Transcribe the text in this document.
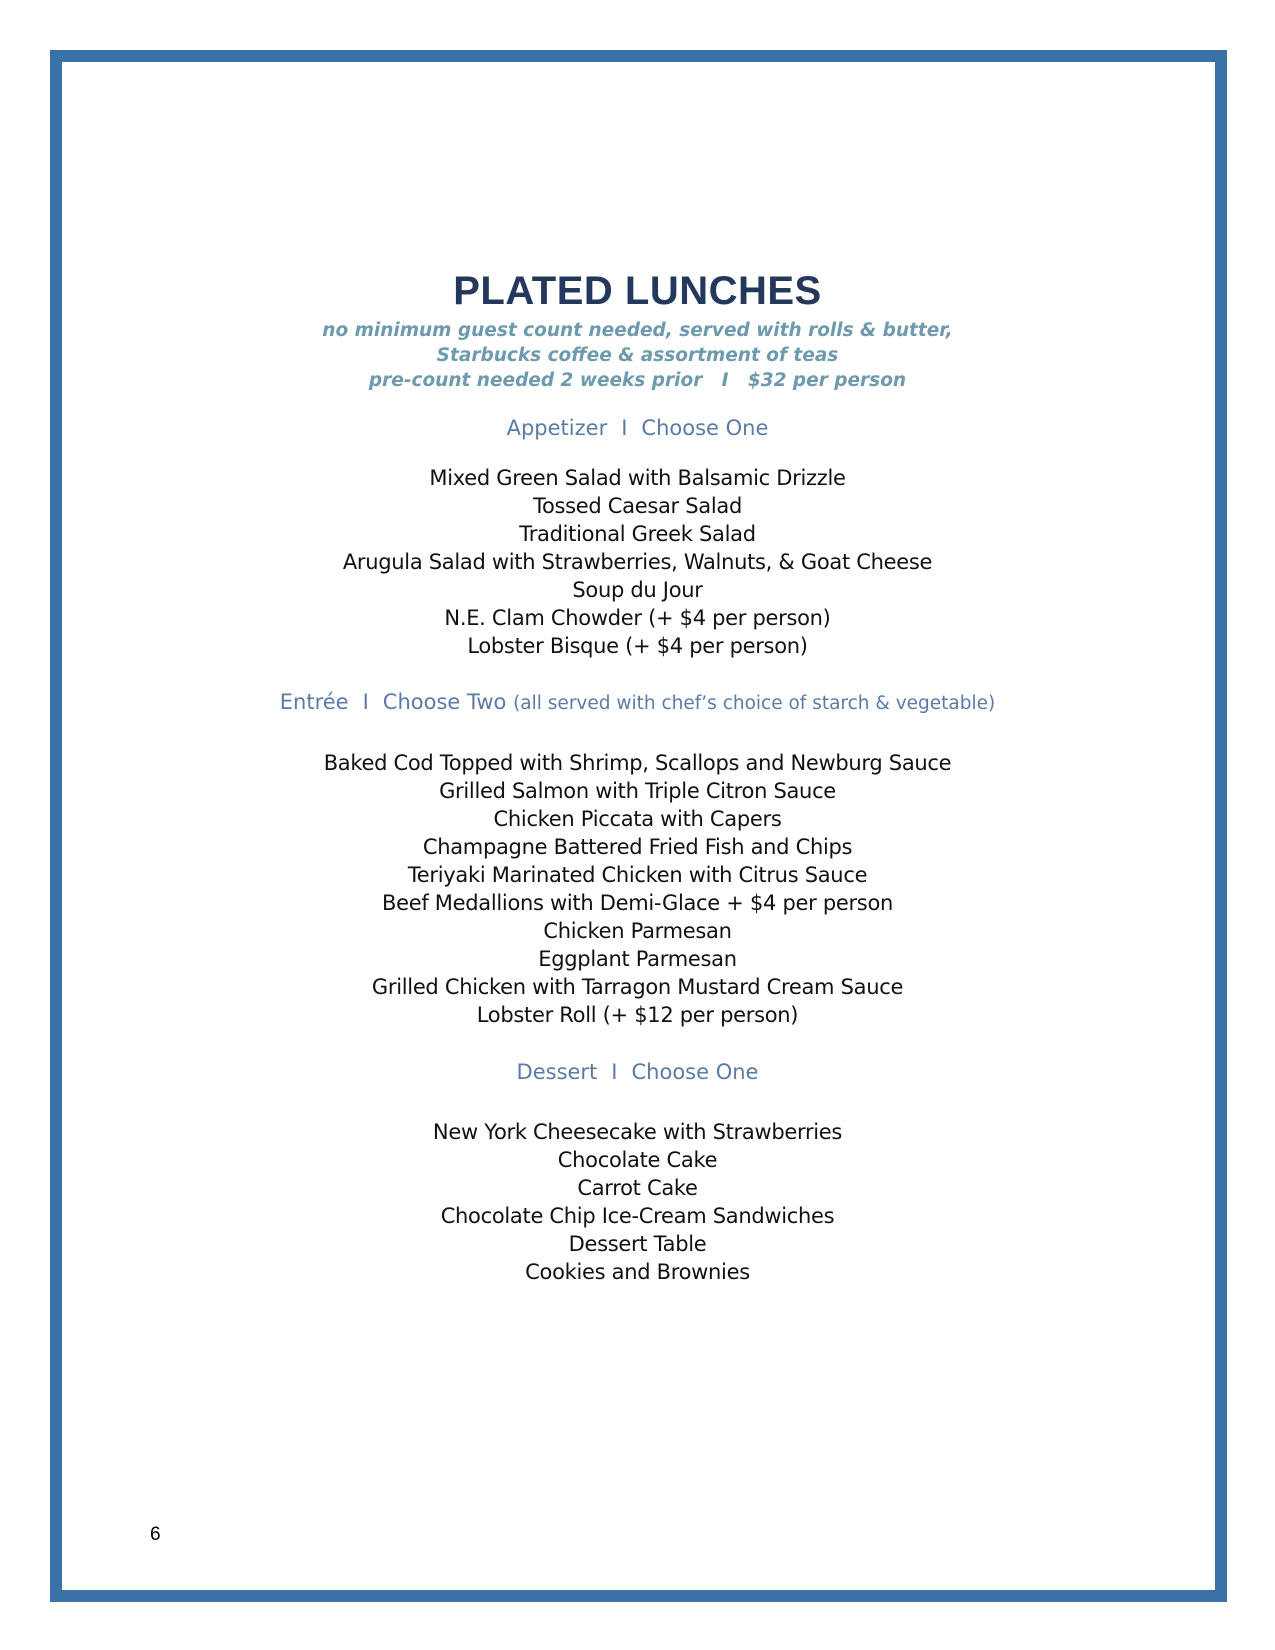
PLATED LUNCHES

no minimum guest count needed, served with rolls & butter,

Starbucks coffee & assortment of teas

pre-count needed 2 weeks prior   I   $32 per person

Appetizer I Choose One

Mixed Green Salad with Balsamic Drizzle
Tossed Caesar Salad
Traditional Greek Salad
Arugula Salad with Strawberries, Walnuts, & Goat Cheese
Soup du Jour
N.E. Clam Chowder (+ $4 per person)
Lobster Bisque (+ $4 per person)

Entrée I Choose Two (all served with chef’s choice of starch & vegetable)

Baked Cod Topped with Shrimp, Scallops and Newburg Sauce
Grilled Salmon with Triple Citron Sauce
Chicken Piccata with Capers
Champagne Battered Fried Fish and Chips
Teriyaki Marinated Chicken with Citrus Sauce
Beef Medallions with Demi-Glace + $4 per person
Chicken Parmesan
Eggplant Parmesan
Grilled Chicken with Tarragon Mustard Cream Sauce
Lobster Roll (+ $12 per person)

Dessert I Choose One

New York Cheesecake with Strawberries
Chocolate Cake
Carrot Cake
Chocolate Chip Ice-Cream Sandwiches
Dessert Table
Cookies and Brownies
6
